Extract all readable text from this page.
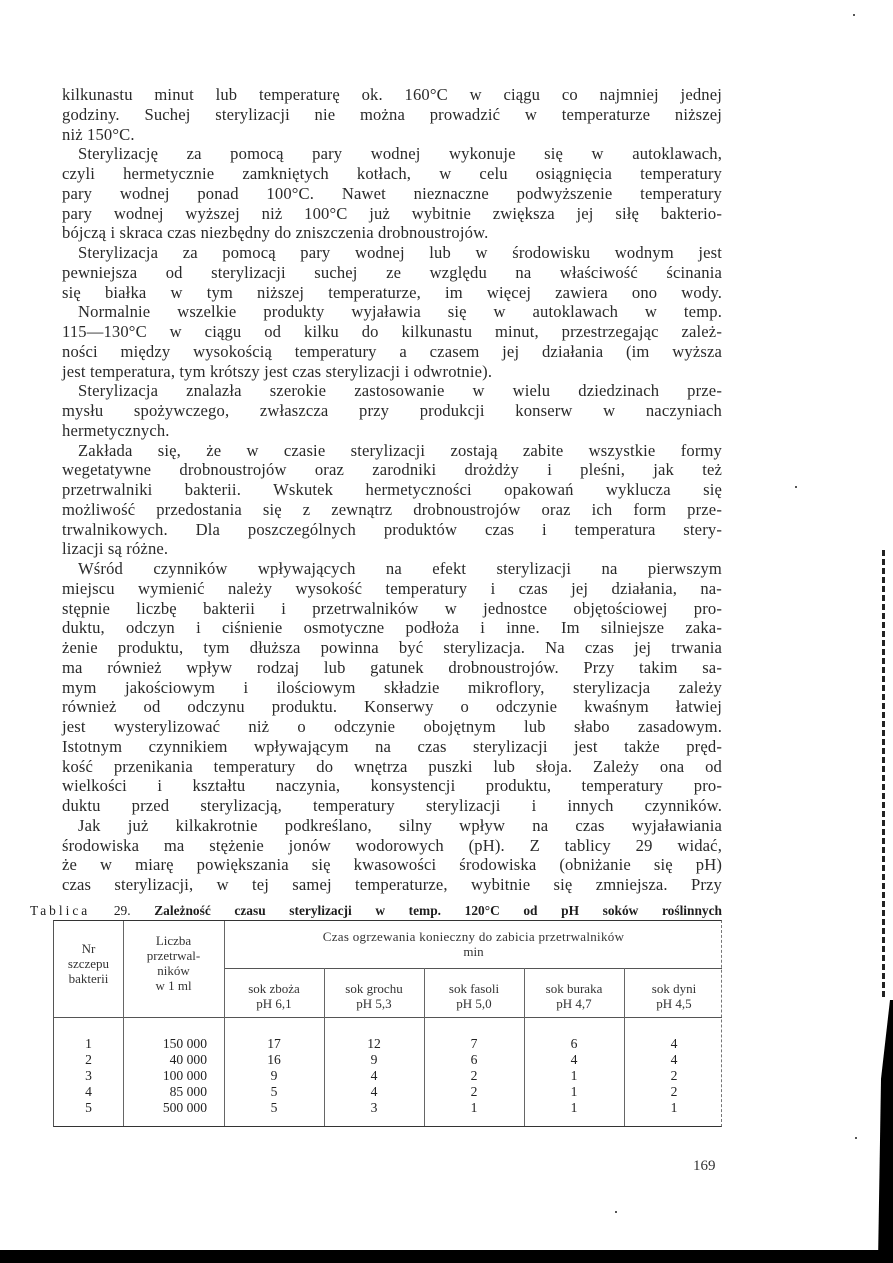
kilkunastu minut lub temperaturę ok. 160°C w ciągu co najmniej jednej
godziny. Suchej sterylizacji nie można prowadzić w temperaturze niższej
niż 150°C.
Sterylizację za pomocą pary wodnej wykonuje się w autoklawach,
czyli hermetycznie zamkniętych kotłach, w celu osiągnięcia temperatury
pary wodnej ponad 100°C. Nawet nieznaczne podwyższenie temperatury
pary wodnej wyższej niż 100°C już wybitnie zwiększa jej siłę bakterio-
bójczą i skraca czas niezbędny do zniszczenia drobnoustrojów.
Sterylizacja za pomocą pary wodnej lub w środowisku wodnym jest
pewniejsza od sterylizacji suchej ze względu na właściwość ścinania
się białka w tym niższej temperaturze, im więcej zawiera ono wody.
Normalnie wszelkie produkty wyjaławia się w autoklawach w temp.
115—130°C w ciągu od kilku do kilkunastu minut, przestrzegając zależ-
ności między wysokością temperatury a czasem jej działania (im wyższa
jest temperatura, tym krótszy jest czas sterylizacji i odwrotnie).
Sterylizacja znalazła szerokie zastosowanie w wielu dziedzinach prze-
mysłu spożywczego, zwłaszcza przy produkcji konserw w naczyniach
hermetycznych.
Zakłada się, że w czasie sterylizacji zostają zabite wszystkie formy
wegetatywne drobnoustrojów oraz zarodniki drożdży i pleśni, jak też
przetrwalniki bakterii. Wskutek hermetyczności opakowań wyklucza się
możliwość przedostania się z zewnątrz drobnoustrojów oraz ich form prze-
trwalnikowych. Dla poszczególnych produktów czas i temperatura stery-
lizacji są różne.
Wśród czynników wpływających na efekt sterylizacji na pierwszym
miejscu wymienić należy wysokość temperatury i czas jej działania, na-
stępnie liczbę bakterii i przetrwalników w jednostce objętościowej pro-
duktu, odczyn i ciśnienie osmotyczne podłoża i inne. Im silniejsze zaka-
żenie produktu, tym dłuższa powinna być sterylizacja. Na czas jej trwania
ma również wpływ rodzaj lub gatunek drobnoustrojów. Przy takim sa-
mym jakościowym i ilościowym składzie mikroflory, sterylizacja zależy
również od odczynu produktu. Konserwy o odczynie kwaśnym łatwiej
jest wysterylizować niż o odczynie obojętnym lub słabo zasadowym.
Istotnym czynnikiem wpływającym na czas sterylizacji jest także pręd-
kość przenikania temperatury do wnętrza puszki lub słoja. Zależy ona od
wielkości i kształtu naczynia, konsystencji produktu, temperatury pro-
duktu przed sterylizacją, temperatury sterylizacji i innych czynników.
Jak już kilkakrotnie podkreślano, silny wpływ na czas wyjaławiania
środowiska ma stężenie jonów wodorowych (pH). Z tablicy 29 widać,
że w miarę powiększania się kwasowości środowiska (obniżanie się pH)
czas sterylizacji, w tej samej temperaturze, wybitnie się zmniejsza. Przy
Tablica 29. Zależność czasu sterylizacji w temp. 120°C od pH soków roślinnych
Nr
szczepu
bakterii
Liczba
przetrwal-
ników
w 1 ml
Czas ogrzewania konieczny do zabicia przetrwalników
min
sok zboża
pH 6,1
sok grochu
pH 5,3
sok fasoli
pH 5,0
sok buraka
pH 4,7
sok dyni
pH 4,5
1
2
3
4
5
150 000
40 000
100 000
85 000
500 000
17
16
9
5
5
12
9
4
4
3
7
6
2
2
1
6
4
1
1
1
4
4
2
2
1
169
